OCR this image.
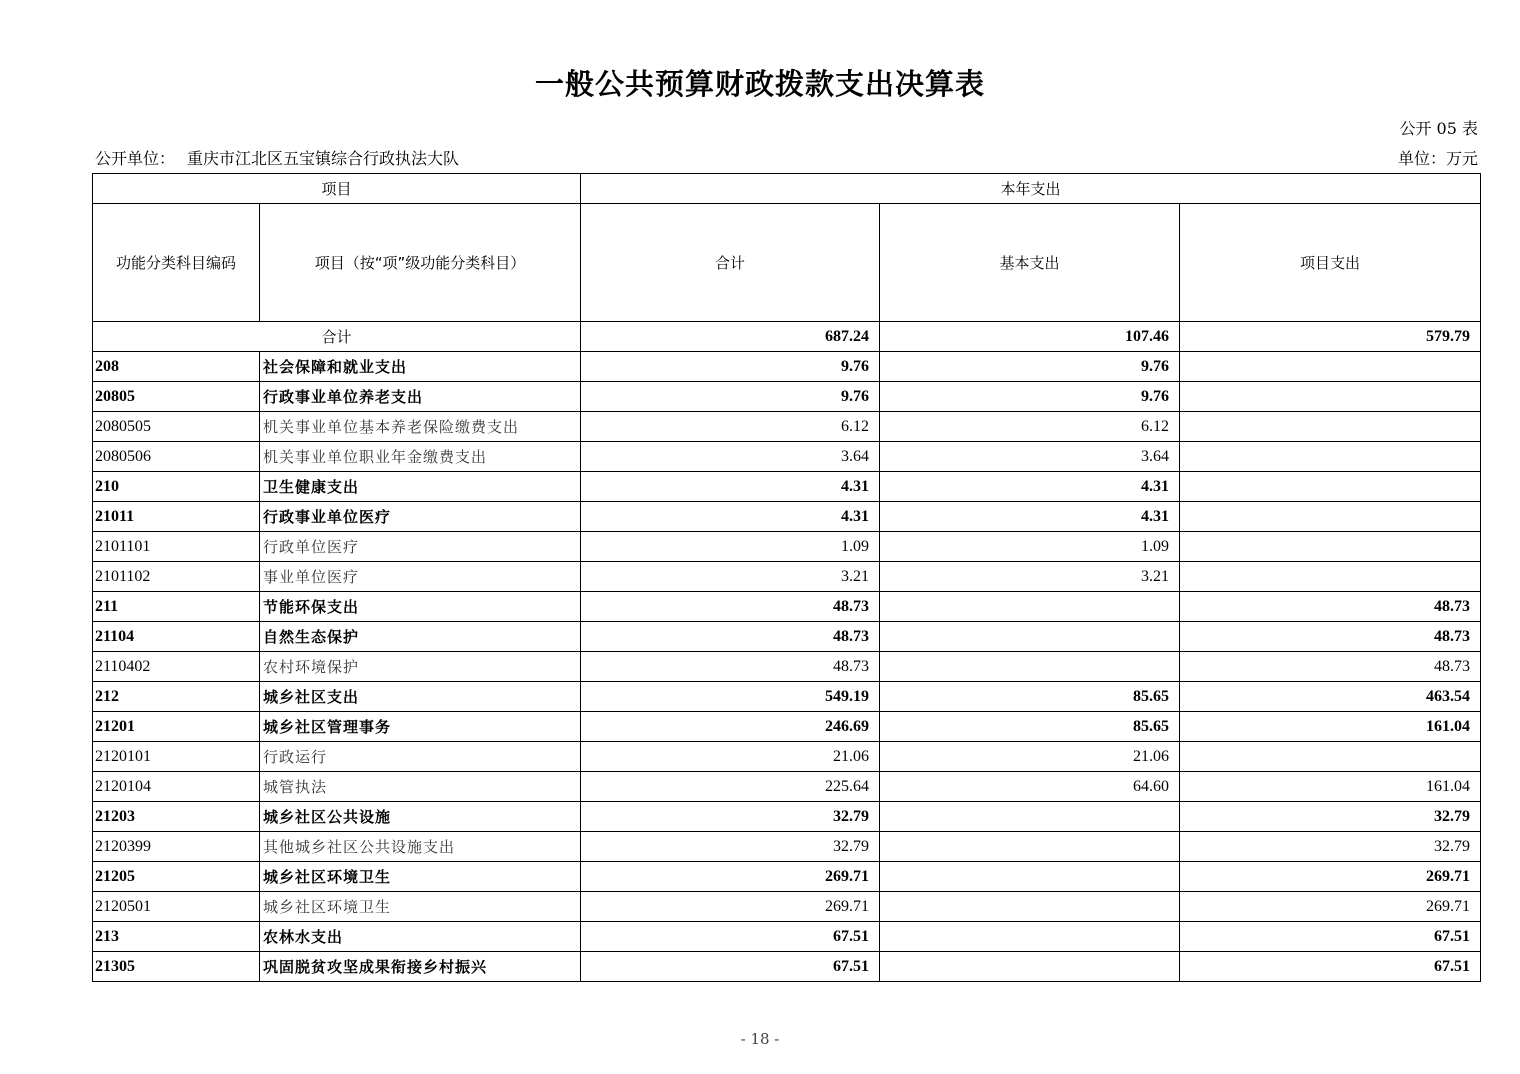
一般公共预算财政拨款支出决算表
公开 05 表
公开单位： 重庆市江北区五宝镇综合行政执法大队	单位：万元
项目		本年支出		
功能分类科目编码	项目（按“项”级功能分类科目）	合计	基本支出	项目支出
合计		687.24	107.46	579.79
208	社会保障和就业支出	9.76	9.76	
20805	行政事业单位养老支出	9.76	9.76	
2080505	机关事业单位基本养老保险缴费支出	6.12	6.12	
2080506	机关事业单位职业年金缴费支出	3.64	3.64	
210	卫生健康支出	4.31	4.31	
21011	行政事业单位医疗	4.31	4.31	
2101101	行政单位医疗	1.09	1.09	
2101102	事业单位医疗	3.21	3.21	
211	节能环保支出	48.73		48.73
21104	自然生态保护	48.73		48.73
2110402	农村环境保护	48.73		48.73
212	城乡社区支出	549.19	85.65	463.54
21201	城乡社区管理事务	246.69	85.65	161.04
2120101	行政运行	21.06	21.06	
2120104	城管执法	225.64	64.60	161.04
21203	城乡社区公共设施	32.79		32.79
2120399	其他城乡社区公共设施支出	32.79		32.79
21205	城乡社区环境卫生	269.71		269.71
2120501	城乡社区环境卫生	269.71		269.71
213	农林水支出	67.51		67.51
21305	巩固脱贫攻坚成果衔接乡村振兴	67.51		67.51
- 18 -
